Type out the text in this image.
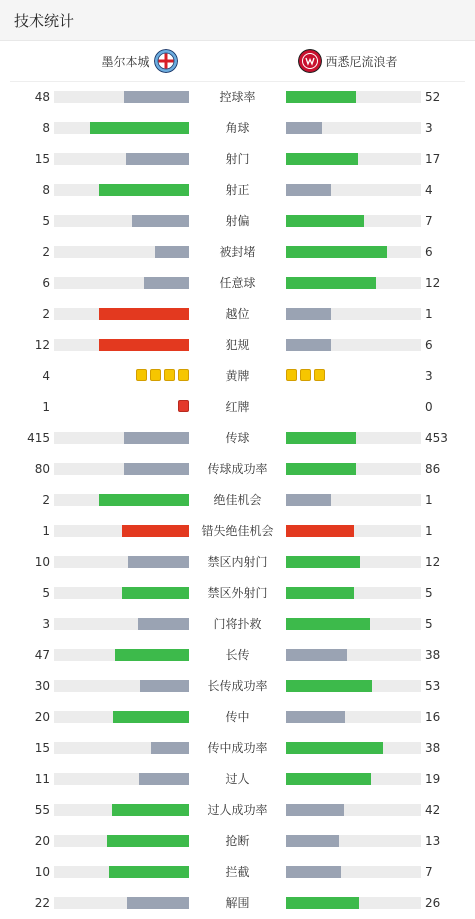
技术统计
墨尔本城	西悉尼流浪者
48	控球率	52
8	角球	3
15	射门	17
8	射正	4
5	射偏	7
2	被封堵	6
6	任意球	12
2	越位	1
12	犯规	6
4	黄牌	3
1	红牌	0
415	传球	453
80	传球成功率	86
2	绝佳机会	1
1	错失绝佳机会	1
10	禁区内射门	12
5	禁区外射门	5
3	门将扑救	5
47	长传	38
30	长传成功率	53
20	传中	16
15	传中成功率	38
11	过人	19
55	过人成功率	42
20	抢断	13
10	拦截	7
22	解围	26
